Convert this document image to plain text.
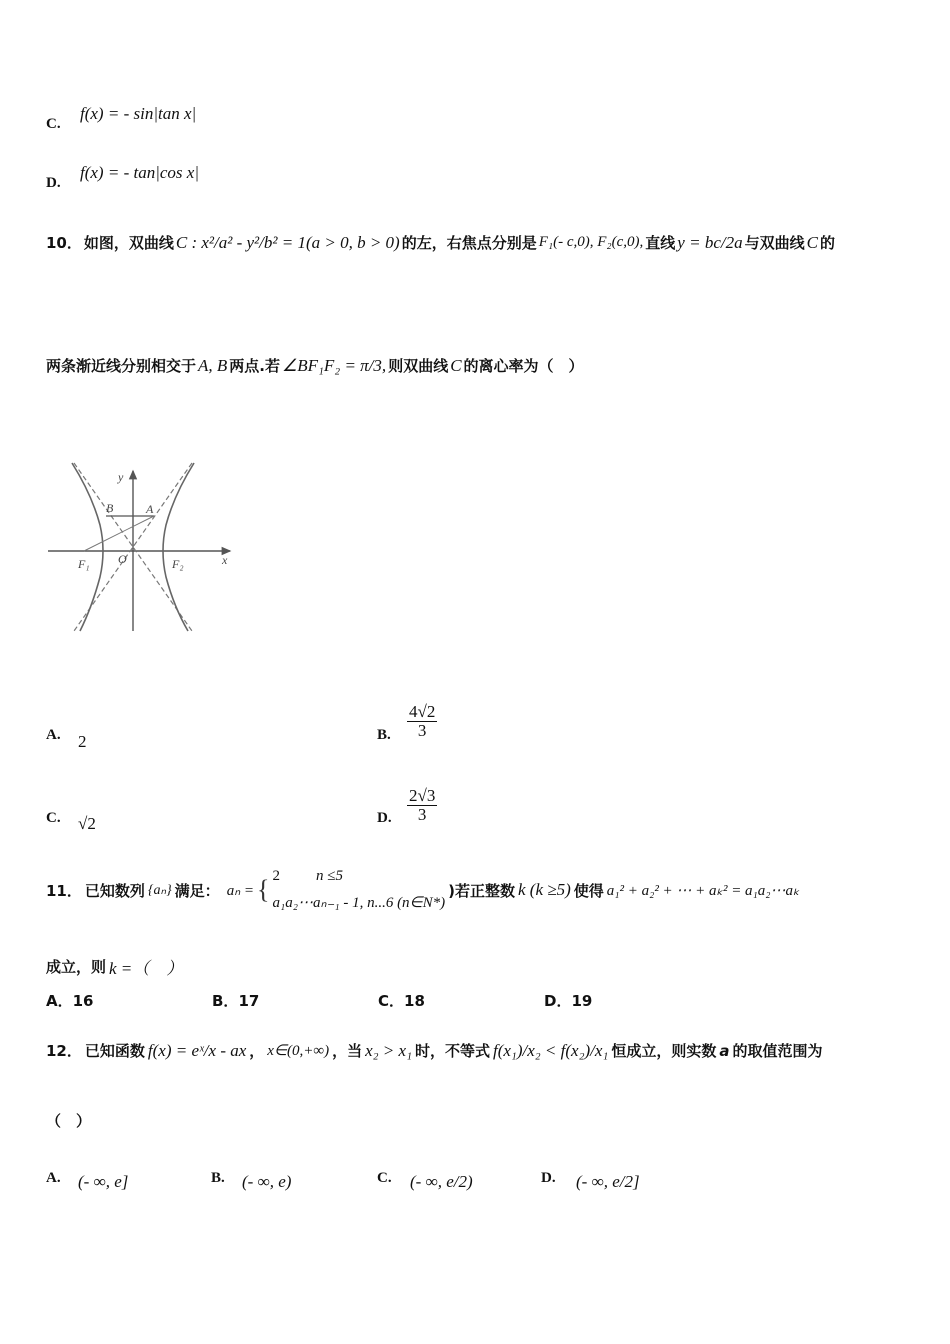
C.
f(x) = - sin|tan x|
D.
f(x) = - tan|cos x|
10． 如图，双曲线 C : x²/a² - y²/b² = 1(a > 0, b > 0) 的左，右焦点分别是 F₁(- c,0), F₂(c,0), 直线 y = bc/2a 与双曲线 C 的
两条渐近线分别相交于 A, B 两点.若 ∠BF₁F₂ = π/3, 则双曲线 C 的离心率为（　）
y
x
B	A
O
F₁	F₂
A. 2	B. $\frac{4√2}{3}$
C. √2	D. $\frac{2√3}{3}$
11． 已知数列 {aₙ} 满足： aₙ = { 2 n ≤5
a₁a₂⋯aₙ₋₁ - 1, n...6 (n∈N*)
)若正整数 k (k ≥5) 使得 a₁² + a₂² + ⋯ + aₖ² = a₁a₂⋯aₖ
成立，则 k =（　）
A．16	B．17	C．18	D．19
12． 已知函数 f(x) = eˣ/x - ax ， x∈(0,+∞) ，当 x₂ > x₁ 时，不等式 f(x₁)/x₂ < f(x₂)/x₁ 恒成立，则实数 a 的取值范围为
（　）
A. (- ∞, e]	B. (- ∞, e)	C. (- ∞, e/2)	D. (- ∞, e/2]
